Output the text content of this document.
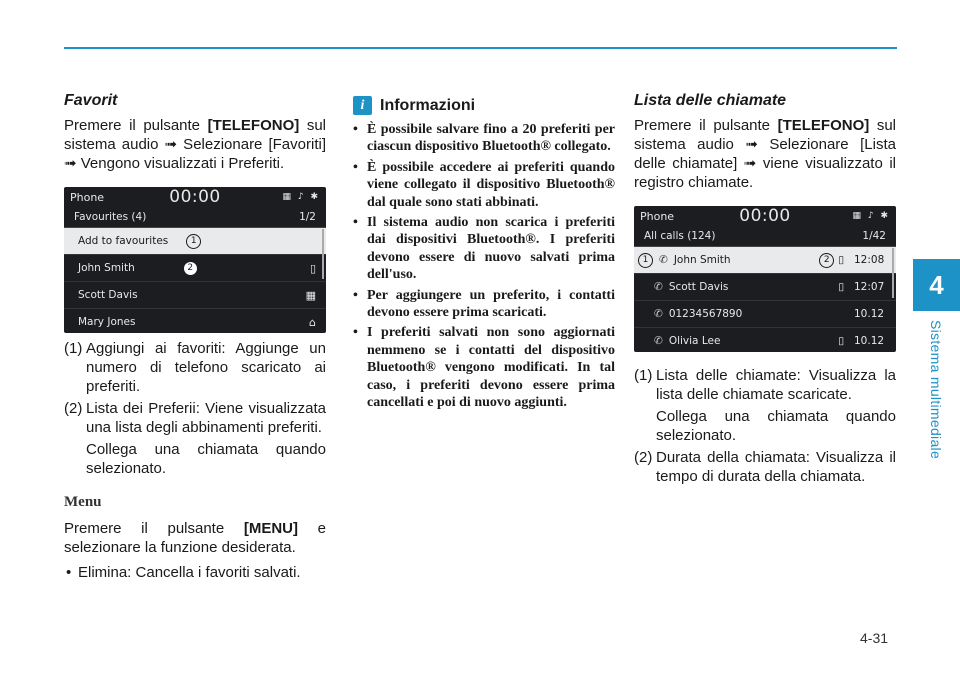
4
Sistema multimediale
Favorit

Premere il pulsante [TELEFONO] sul sistema audio ➟ Selezionare [Favoriti] ➟ Vengono visualizzati i Preferiti.

Phone	00:00	▦ ♪ ✱
Favourites (4)	1/2
Add to favourites	1
John Smith	2	▯
Scott Davis	▦
Mary Jones	⌂
(1) Aggiungi ai favoriti: Aggiunge un numero di telefono scaricato ai preferiti.
(2) Lista dei Preferii: Viene visualizzata una lista degli abbinamenti preferiti.
Collega una chiamata quando selezionato.
Menu

Premere il pulsante [MENU] e selezionare la funzione desiderata.

• Elimina: Cancella i favoriti salvati.
i Informazioni
• È possibile salvare fino a 20 preferiti per ciascun dispositivo Bluetooth® collegato.
• È possibile accedere ai preferiti quando viene collegato il dispositivo Bluetooth® dal quale sono stati abbinati.
• Il sistema audio non scarica i preferiti dai dispositivi Bluetooth®. I preferiti devono essere di nuovo salvati prima dell'uso.
• Per aggiungere un preferito, i contatti devono essere prima scaricati.
• I preferiti salvati non sono aggiornati nemmeno se i contatti del dispositivo Bluetooth® vengono modificati. In tal caso, i preferiti devono essere prima cancellati e poi di nuovo aggiunti.
Lista delle chiamate

Premere il pulsante [TELEFONO] sul sistema audio ➟ Selezionare [Lista delle chiamate] ➟ viene visualizzato il registro chiamate.

Phone	00:00	▦ ♪ ✱
All calls (124)	1/42
1	✆ John Smith	2 ▯ 12:08
✆ Scott Davis	▯ 12:07
✆ 01234567890	10.12
✆ Olivia Lee	▯ 10.12
(1) Lista delle chiamate: Visualizza la lista delle chiamate scaricate.
Collega una chiamata quando selezionato.
(2) Durata della chiamata: Visualizza il tempo di durata della chiamata.
4-31
